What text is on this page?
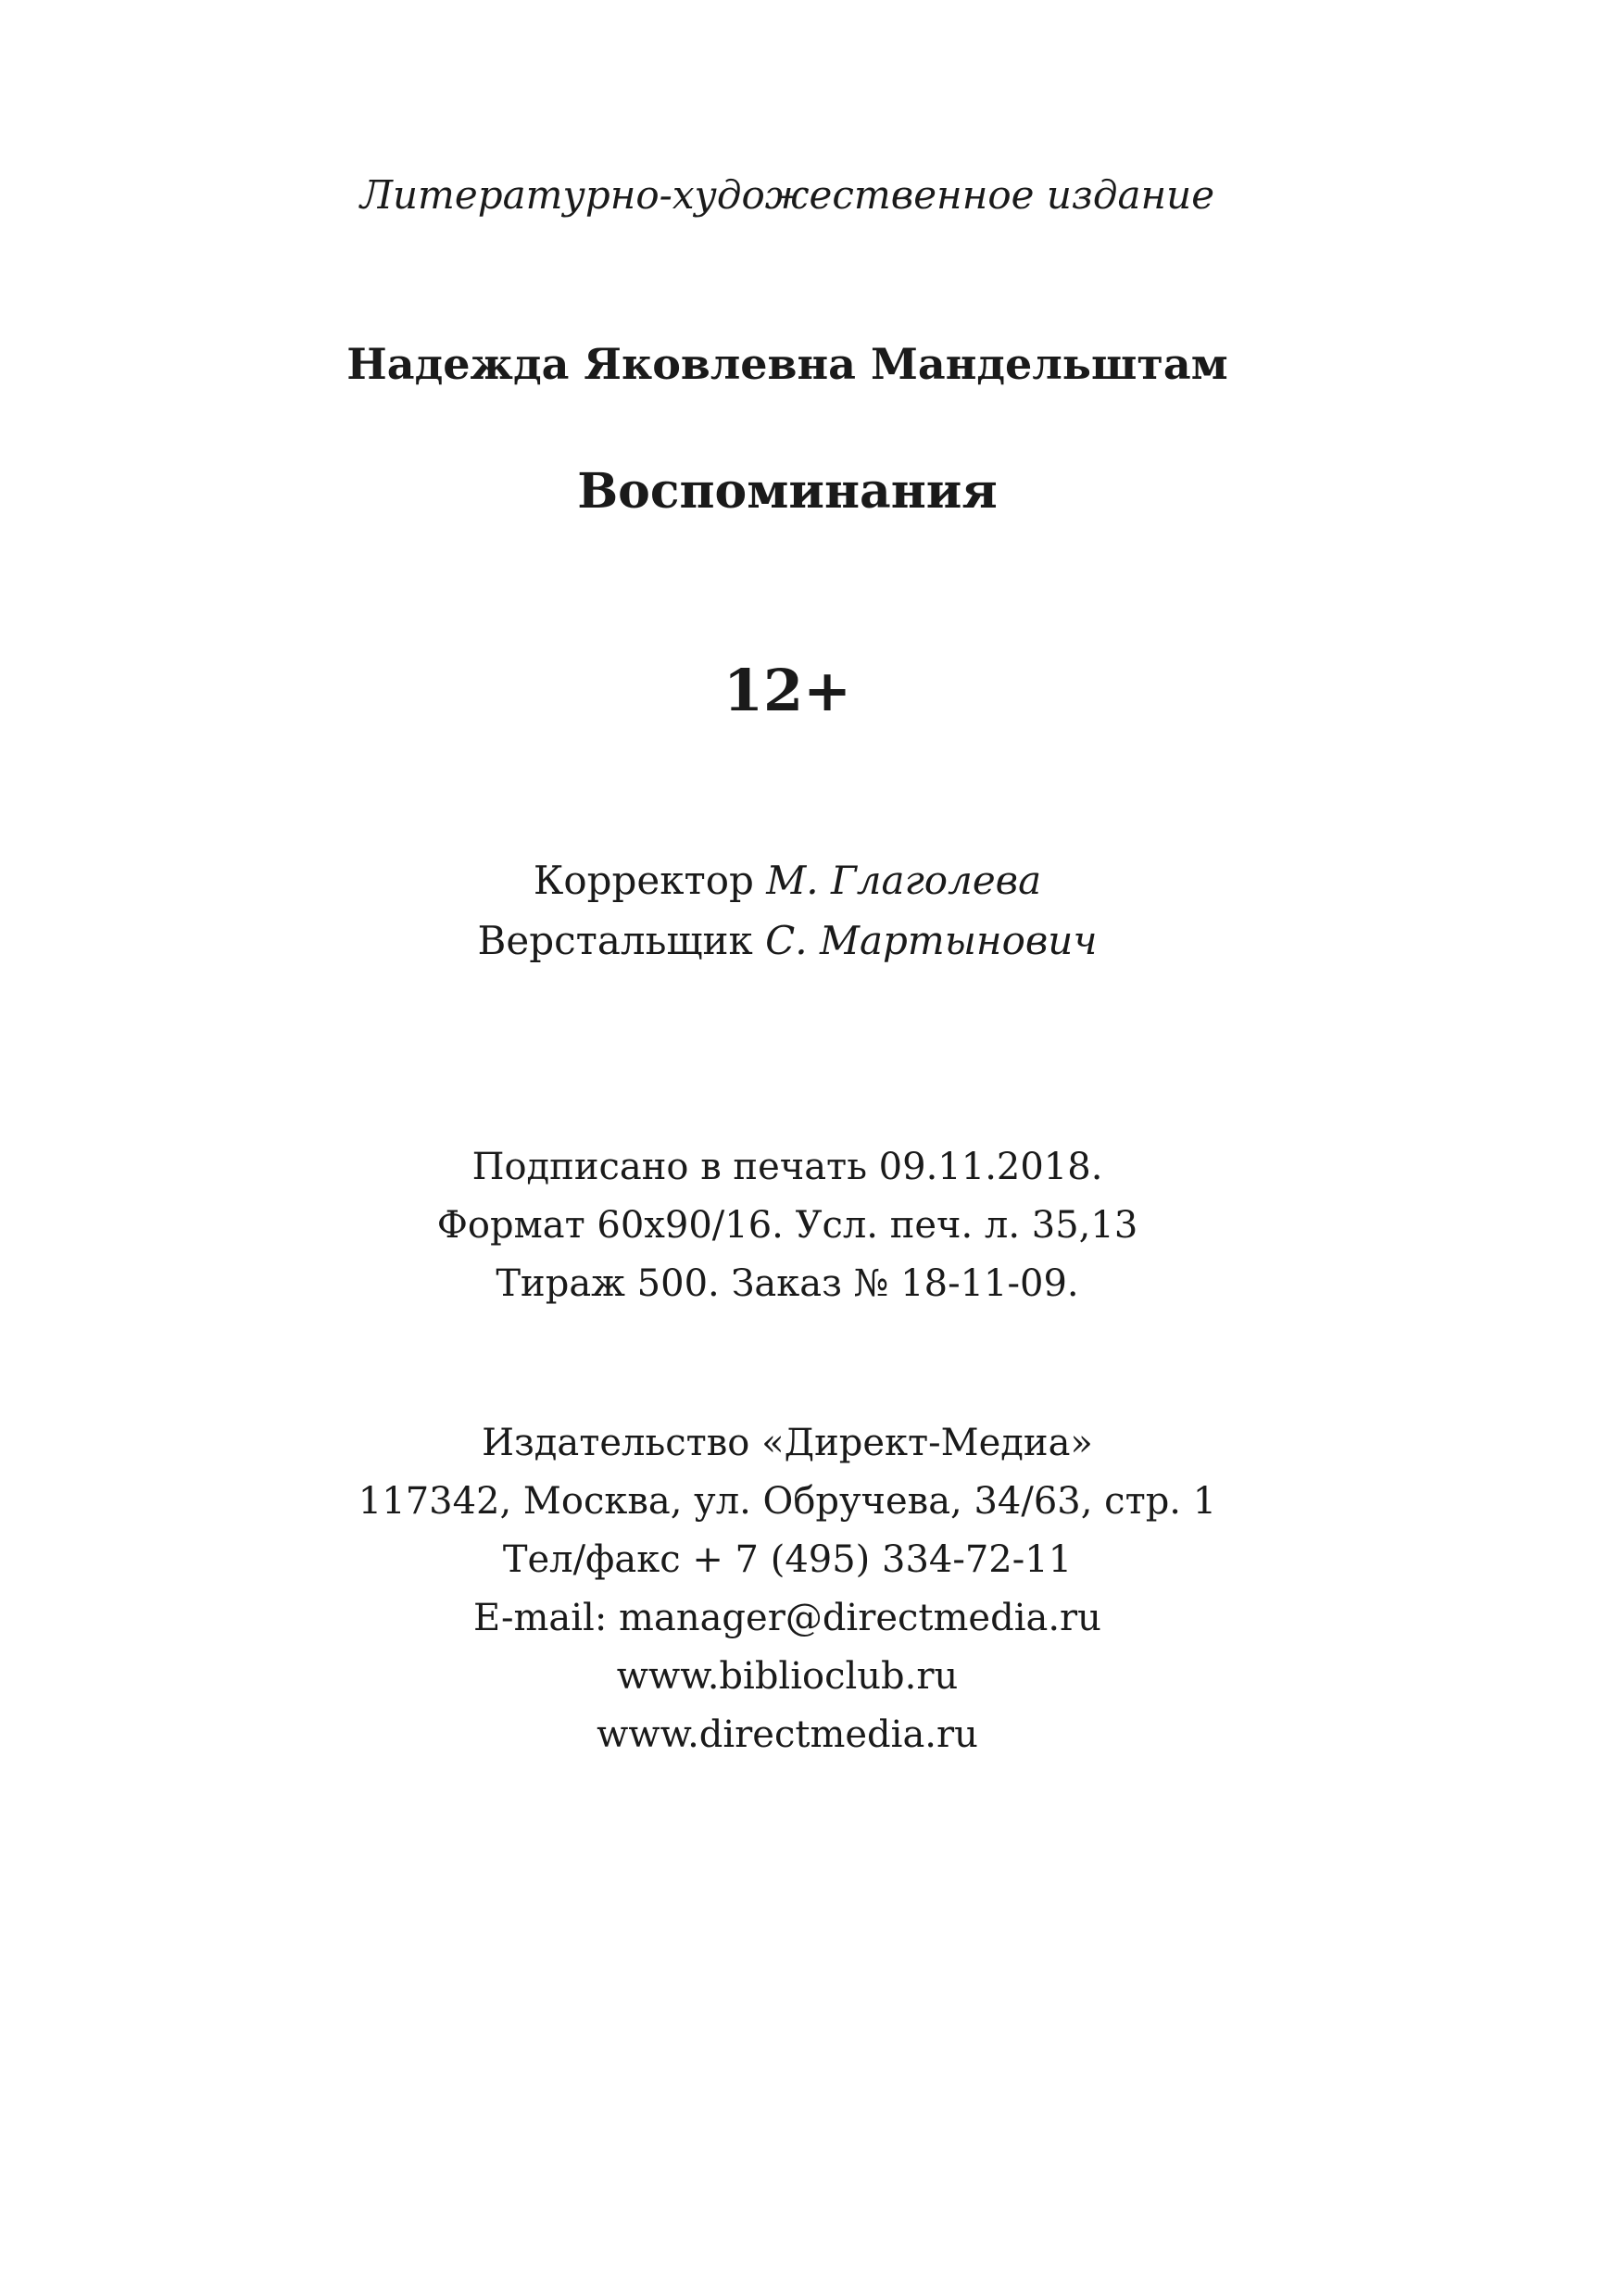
Литературно-художественное издание
Надежда Яковлевна Мандельштам
Воспоминания
12+
Корректор М. Глаголева
Верстальщик С. Мартынович
Подписано в печать 09.11.2018.
Формат 60х90/16. Усл. печ. л. 35,13
Тираж 500. Заказ № 18-11-09.
Издательство «Директ-Медиа»
117342, Москва, ул. Обручева, 34/63, стр. 1
Тел/факс + 7 (495) 334-72-11
E-mail: manager@directmedia.ru
www.biblioclub.ru
www.directmedia.ru
